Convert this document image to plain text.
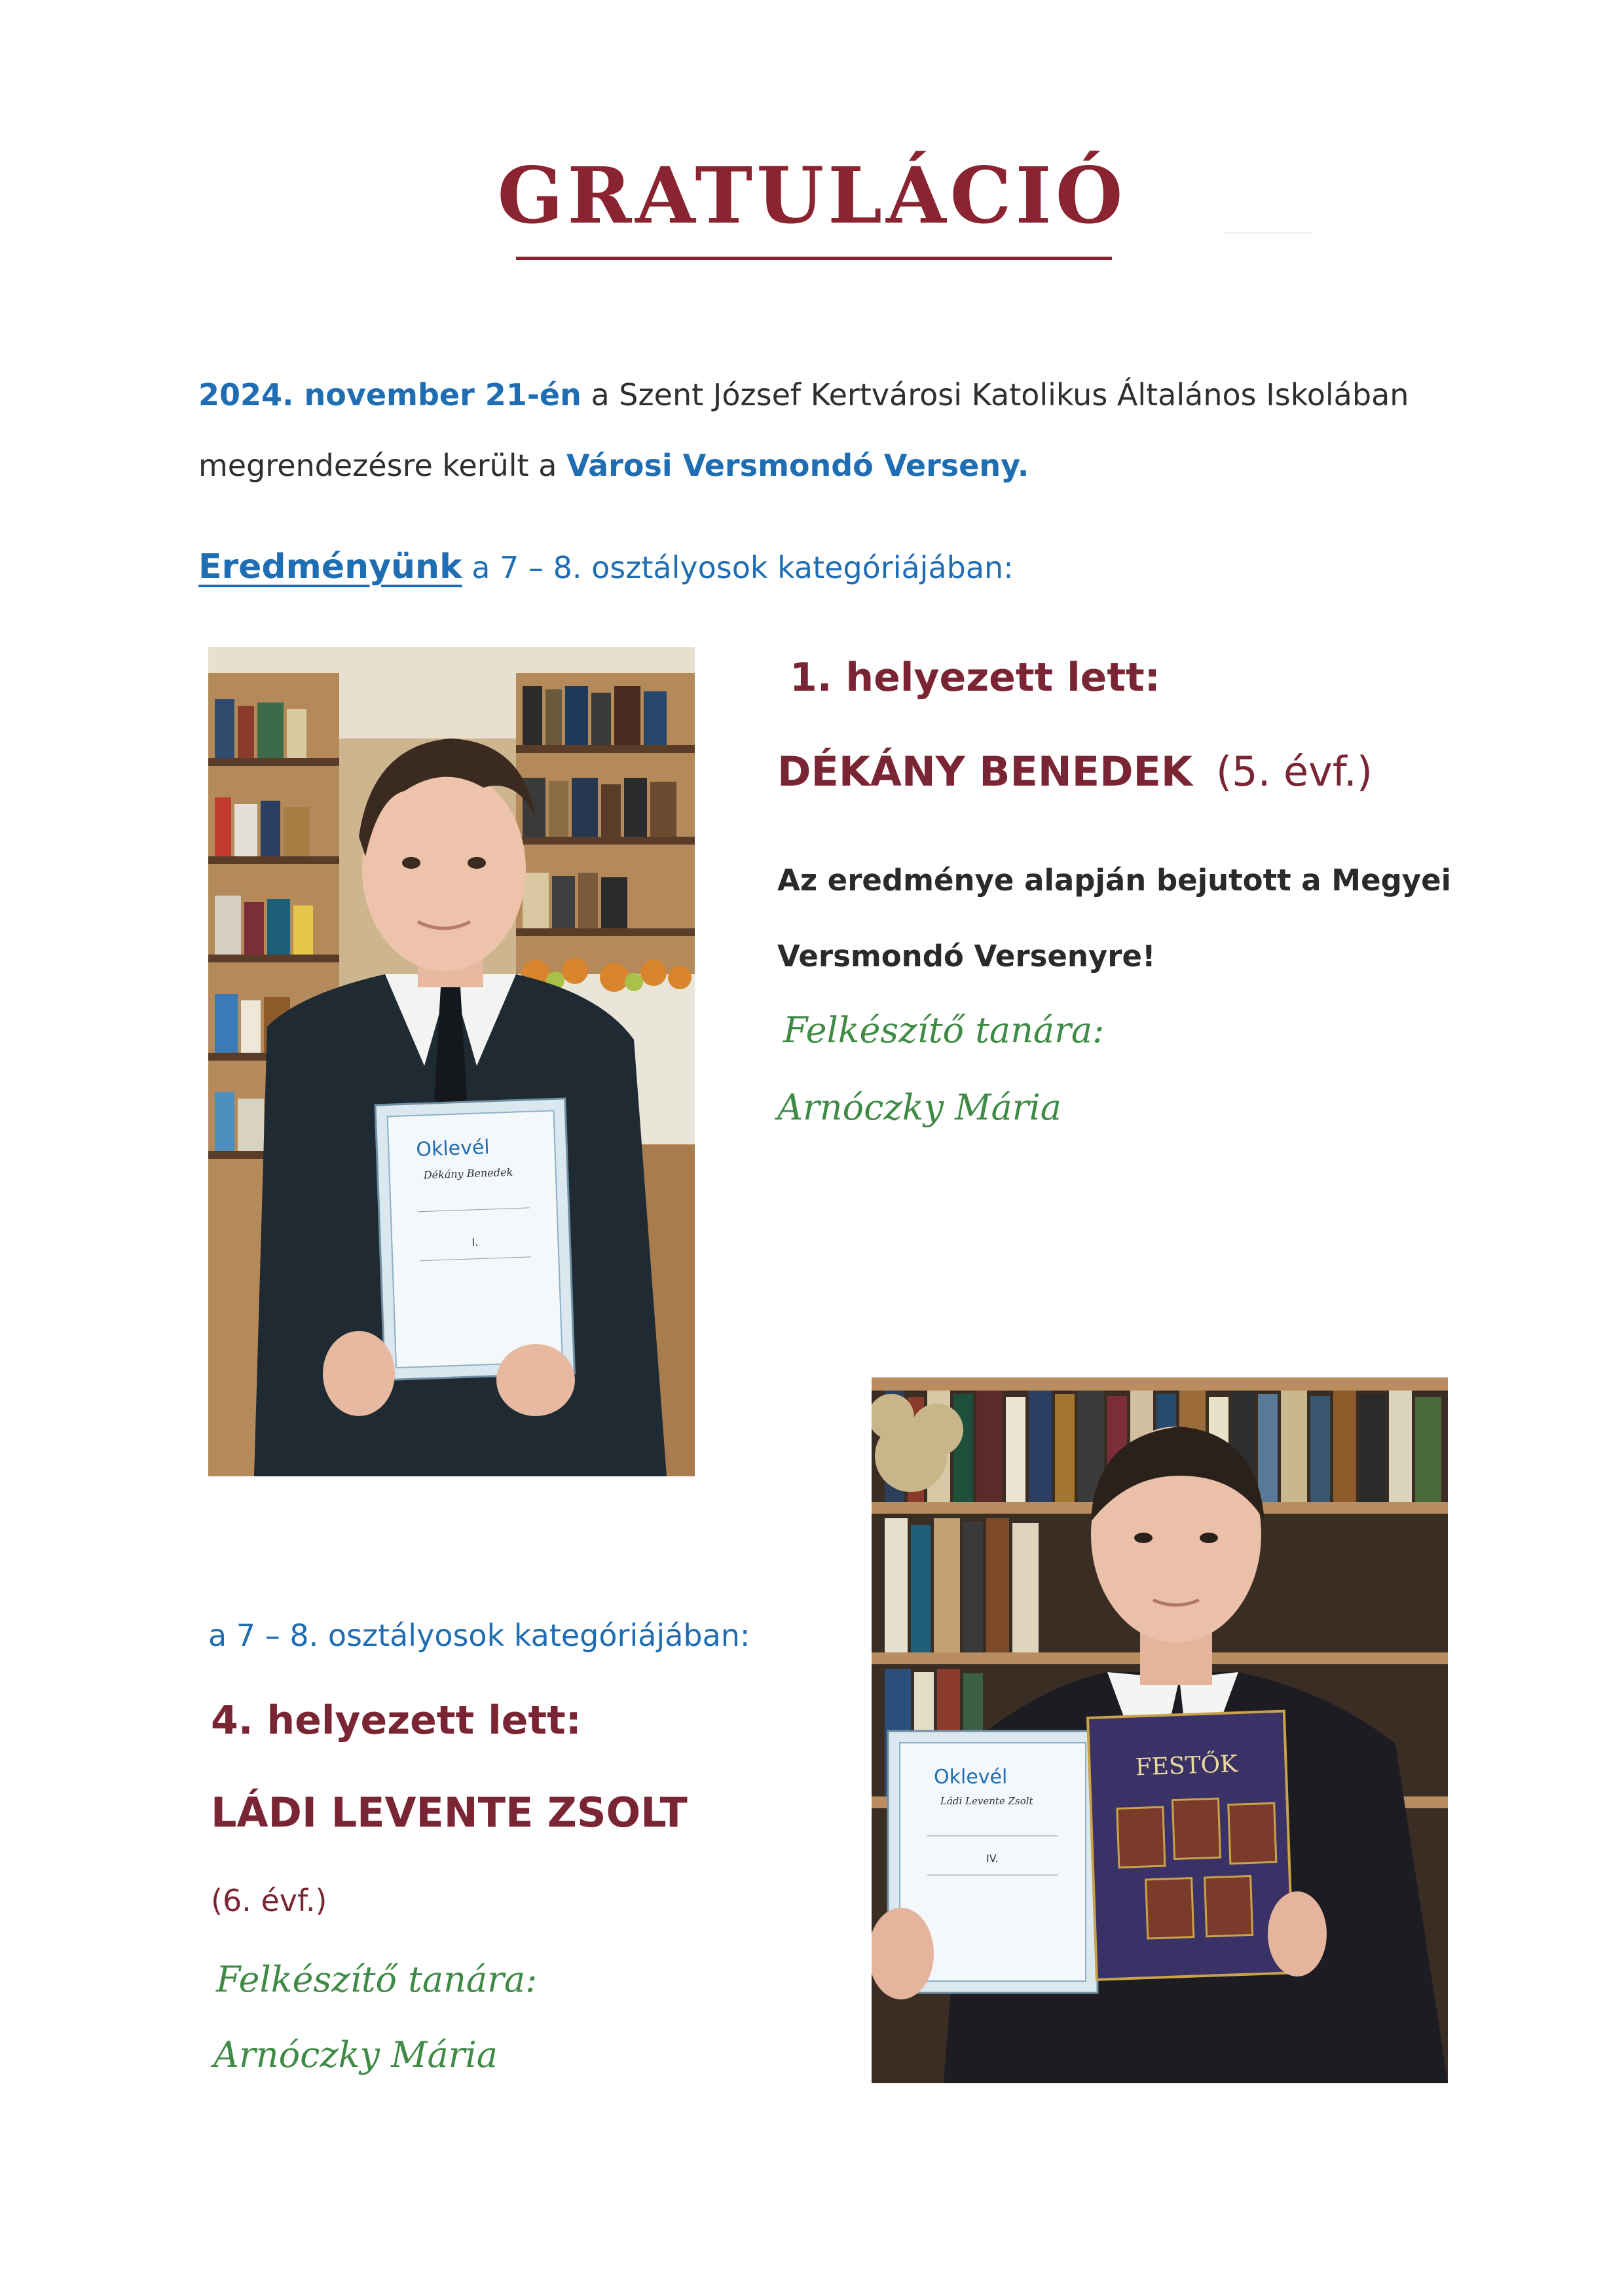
GRATULÁCIÓ
2024. november 21-én a Szent József Kertvárosi Katolikus Általános Iskolában
megrendezésre került a Városi Versmondó Verseny.
Eredményünk a 7 – 8. osztályosok kategóriájában:
Oklevél
Dékány Benedek
I.
1. helyezett lett:
DÉKÁNY BENEDEK (5. évf.)
Az eredménye alapján bejutott a Megyei
Versmondó Versenyre!
Felkészítő tanára:
Arnóczky Mária
Oklevél
Ládi Levente Zsolt
IV.
FESTŐK
a 7 – 8. osztályosok kategóriájában:
4. helyezett lett:
LÁDI LEVENTE ZSOLT
(6. évf.)
Felkészítő tanára:
Arnóczky Mária
